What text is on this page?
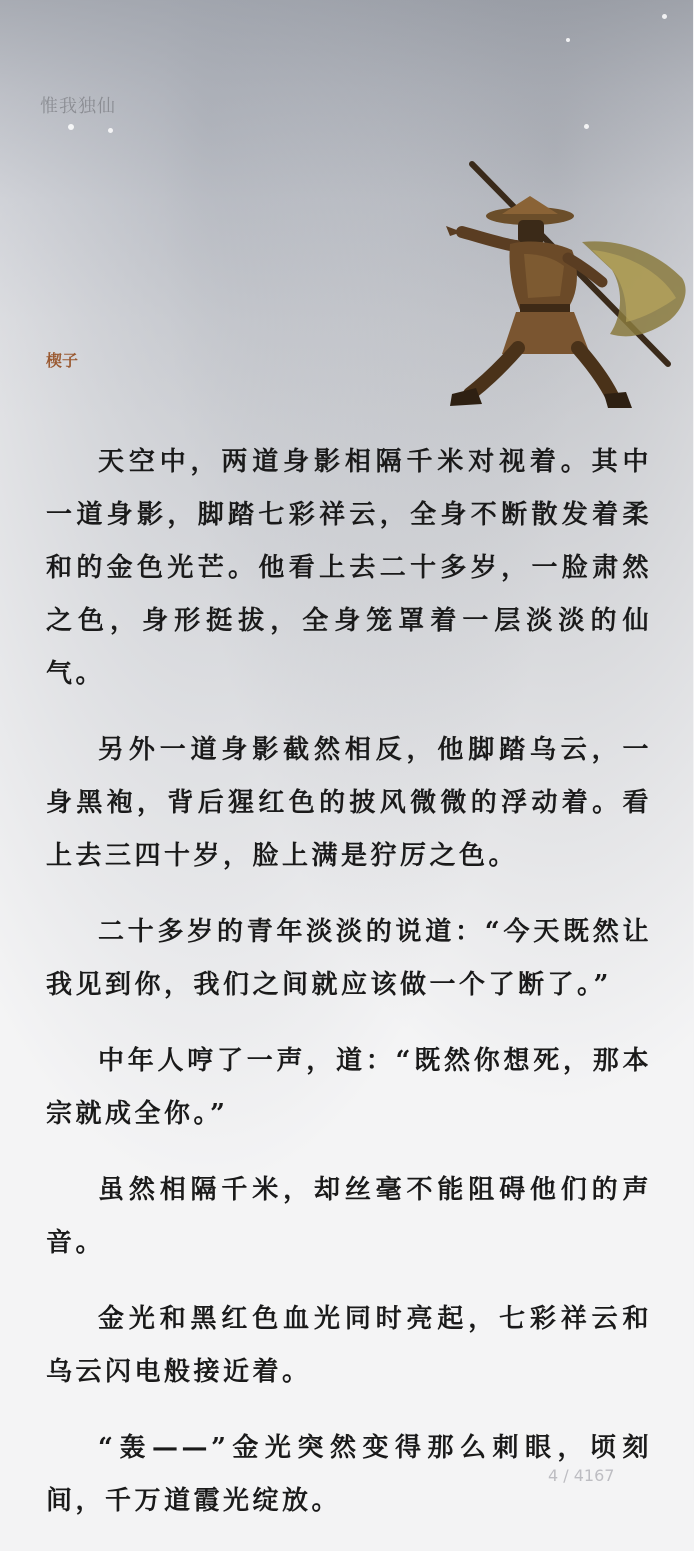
惟我独仙
楔子

天空中，两道身影相隔千米对视着。其中一道身影，脚踏七彩祥云，全身不断散发着柔和的金色光芒。他看上去二十多岁，一脸肃然之色，身形挺拔，全身笼罩着一层淡淡的仙气。

另外一道身影截然相反，他脚踏乌云，一身黑袍，背后猩红色的披风微微的浮动着。看上去三四十岁，脸上满是狞厉之色。

二十多岁的青年淡淡的说道：“今天既然让我见到你，我们之间就应该做一个了断了。”

中年人哼了一声，道：“既然你想死，那本宗就成全你。”

虽然相隔千米，却丝毫不能阻碍他们的声音。

金光和黑红色血光同时亮起，七彩祥云和乌云闪电般接近着。

“轰——”金光突然变得那么刺眼，顷刻间，千万道霞光绽放。

4 / 4167
